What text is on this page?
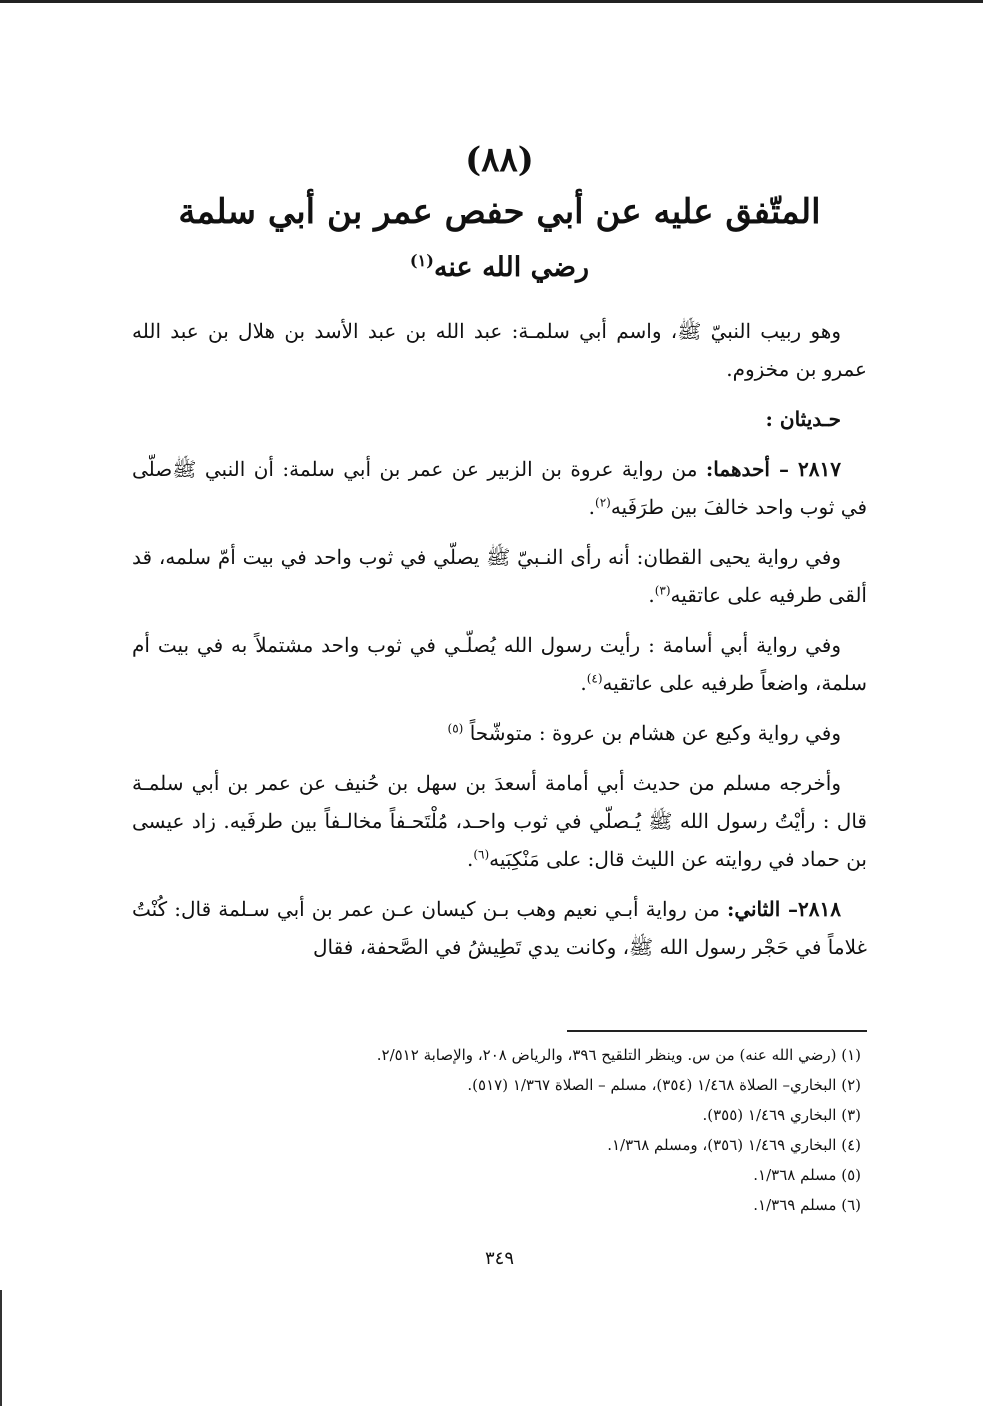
(٨٨)
المتّفق عليه عن أبي حفص عمر بن أبي سلمة
رضي الله عنه$^{(١)}$

وهو ربيب النبيّ ﷺ، واسم أبي سلمـة: عبد الله بن عبد الأسد بن هلال بن عبد الله عمرو بن مخزوم.

حـديثان :

٢٨١٧ – أحدهما: من رواية عروة بن الزبير عن عمر بن أبي سلمة: أن النبي ﷺصلّى في ثوب واحد خالفَ بين طرَفَيه$^{(٢)}$.

وفي رواية يحيى القطان: أنه رأى النـبيّ ﷺ يصلّي في ثوب واحد في بيت أمّ سلمه، قد ألقى طرفيه على عاتقيه$^{(٣)}$.

وفي رواية أبي أسامة : رأيت رسول الله يُصلّـي في ثوب واحد مشتملاً به في بيت أم سلمة، واضعاً طرفيه على عاتقيه$^{(٤)}$.

وفي رواية وكيع عن هشام بن عروة : متوشّحاً $^{(٥)}$

وأخرجه مسلم من حديث أبي أمامة أسعدَ بن سهل بن حُنيف عن عمر بن أبي سلمـة قال : رأيْتُ رسول الله ﷺ يُـصلّي في ثوب واحـد، مُلْتَحـفاً مخالـفاً بين طرفَيه. زاد عيسى بن حماد في روايته عن الليث قال: على مَنْكِبَيه$^{(٦)}$.

٢٨١٨– الثاني: من رواية أبـي نعيم وهب بـن كيسان عـن عمر بن أبي سـلمة قال: كُنْتُ غلاماً في حَجْر رسول الله ﷺ، وكانت يدي تَطِيشُ في الصَّحفة، فقال

(١) (رضي الله عنه) من س. وينظر التلقيح ٣٩٦، والرياض ٢٠٨، والإصابة ٢/٥١٢.
(٢) البخاري– الصلاة ١/٤٦٨ (٣٥٤)، مسلم – الصلاة ١/٣٦٧ (٥١٧).
(٣) البخاري ١/٤٦٩ (٣٥٥).
(٤) البخاري ١/٤٦٩ (٣٥٦)، ومسلم ١/٣٦٨.
(٥) مسلم ١/٣٦٨.
(٦) مسلم ١/٣٦٩.
٣٤٩
